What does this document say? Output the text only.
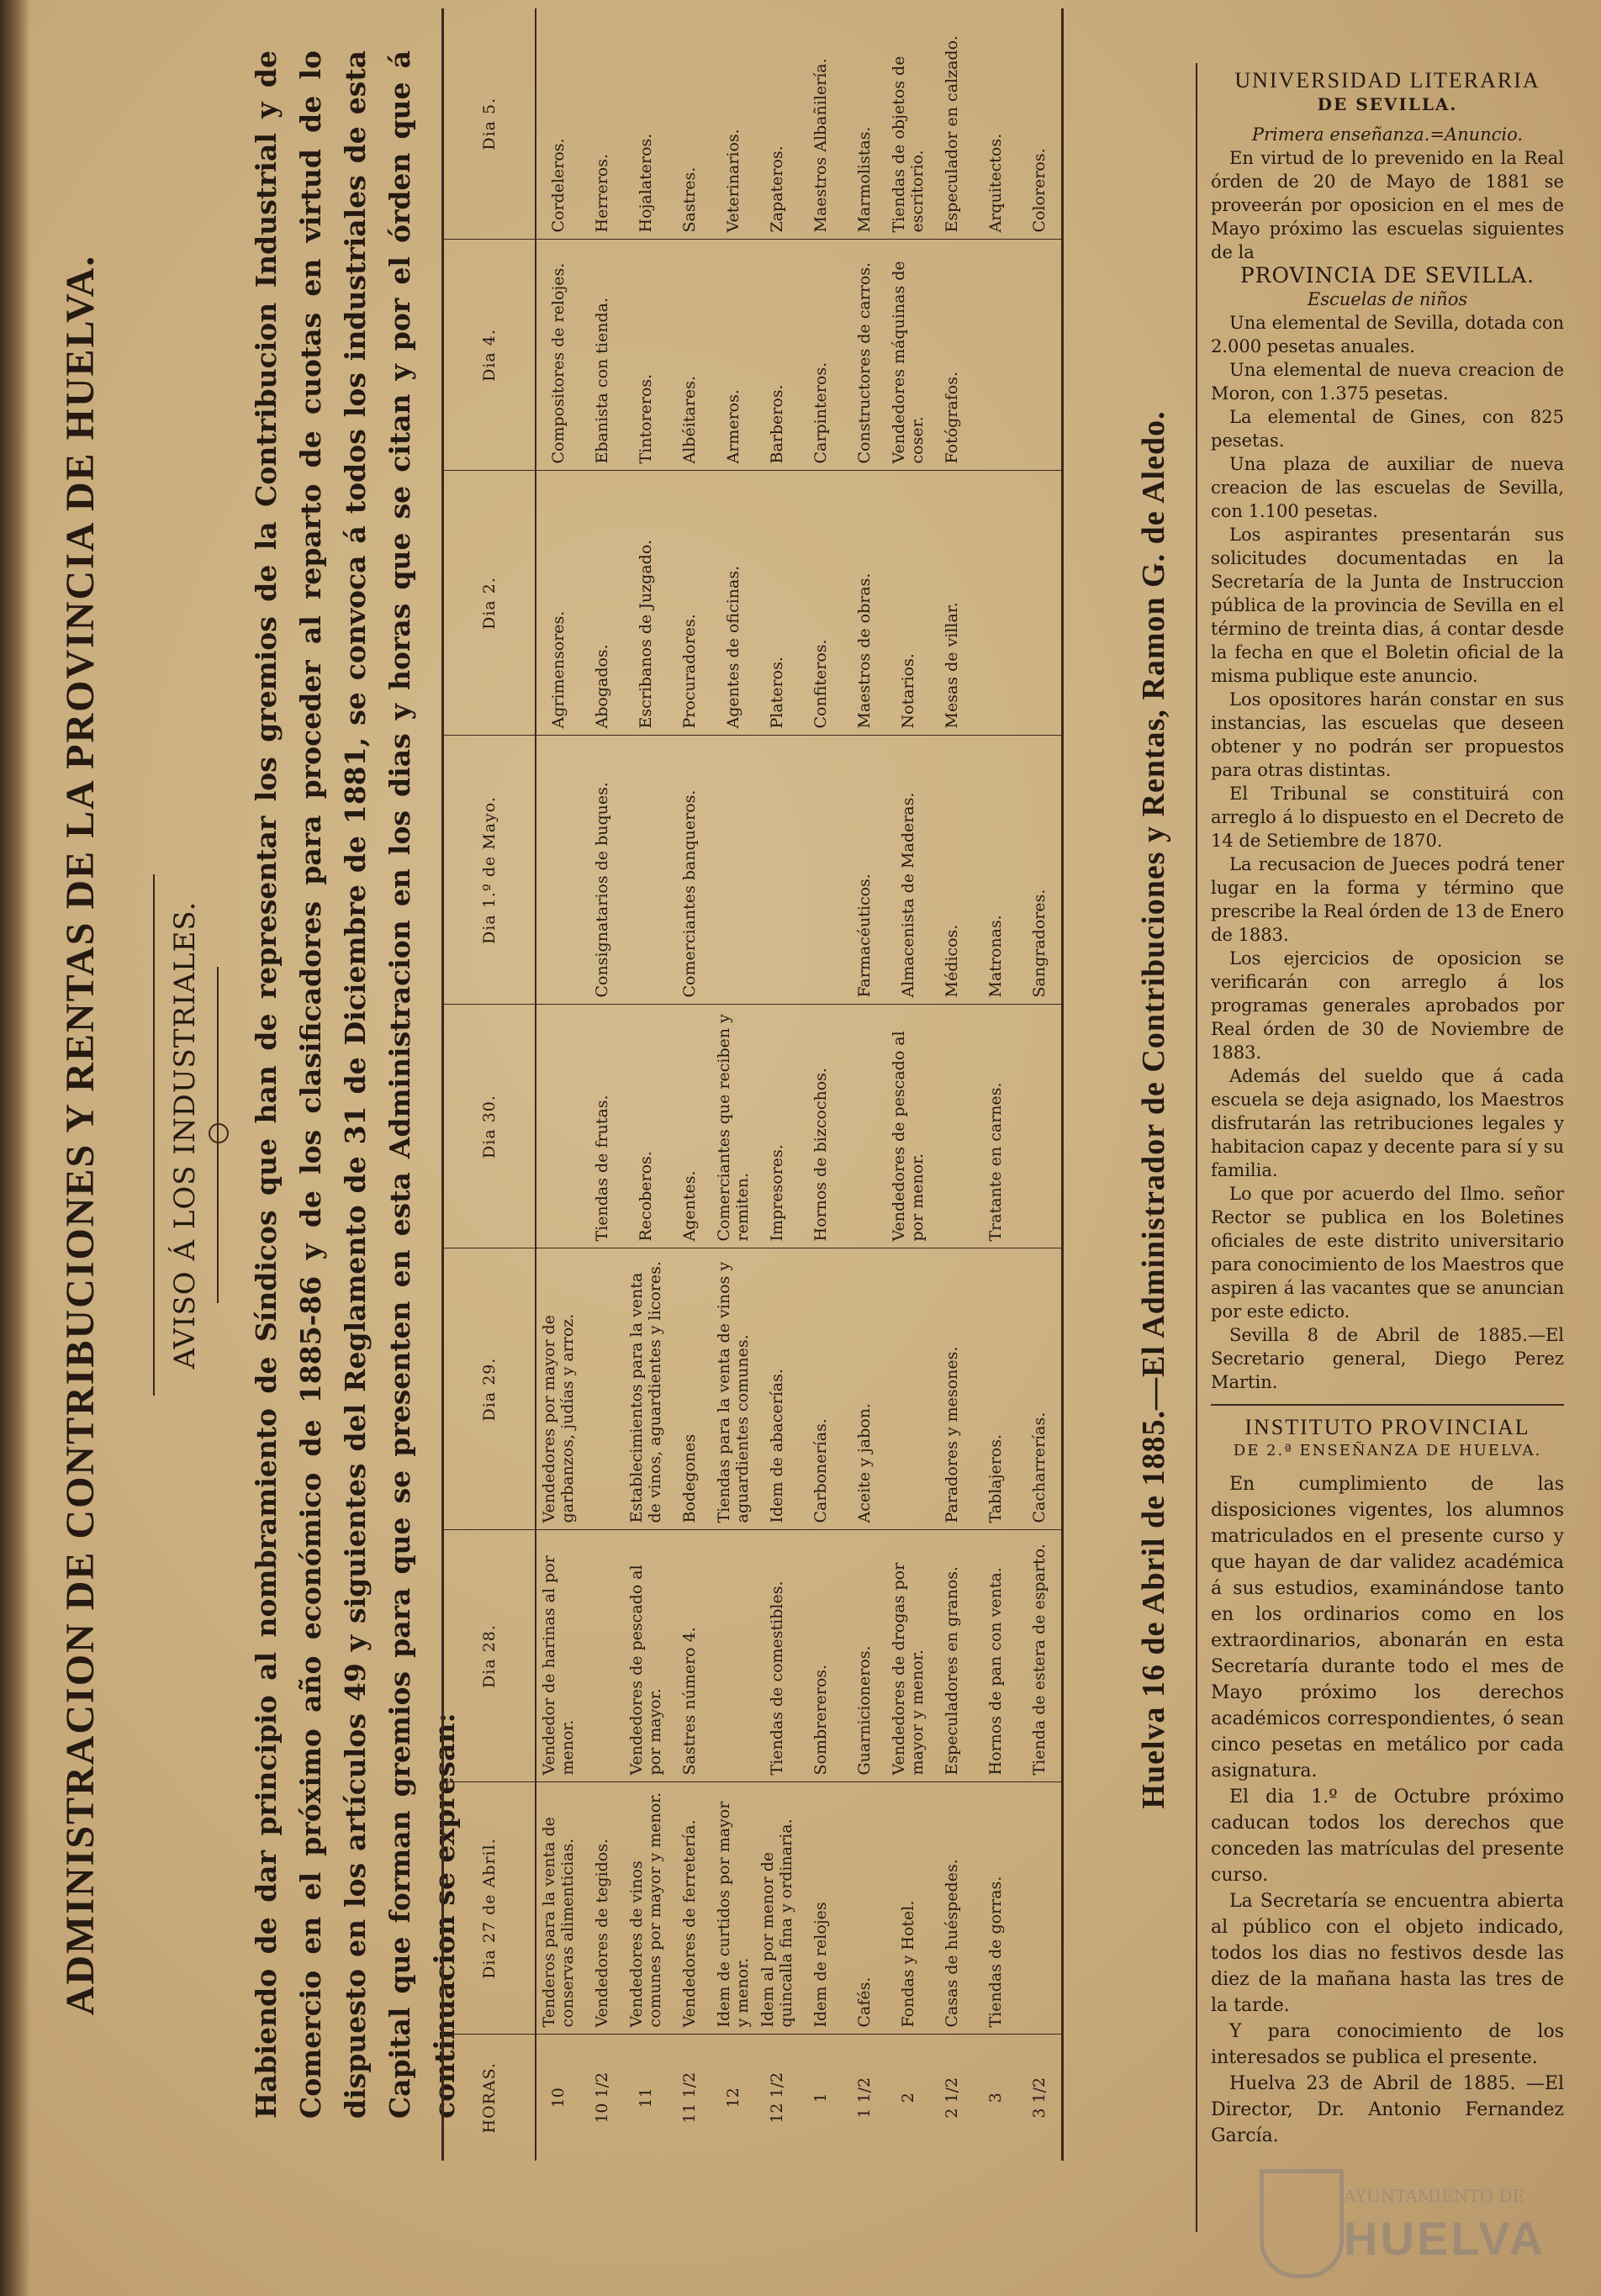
ADMINISTRACION DE CONTRIBUCIONES Y RENTAS DE LA PROVINCIA DE HUELVA. AVISO Á LOS INDUSTRIALES. Habiendo de dar principio al nombramiento de Síndicos que han de representar los gremios de la Contribucion Industrial y de Comercio en el próximo año económico de 1885-86 y de los clasificadores para proceder al reparto de cuotas en virtud de lo dispuesto en los artículos 49 y siguientes del Reglamento de 31 de Diciembre de 1881, se convoca á todos los industriales de esta Capital que forman gremios para que se presenten en esta Administracion en los dias y horas que se citan y por el órden que á continuacion se expresan:	HORAS.	Dia 27 de Abril.	Dia 28.	Dia 29.	Dia 30.	Dia 1.º de Mayo.	Dia 2.	Dia 4.	Dia 5.
10	Tenderos para la venta de conservas alimenticias.	Vendedor de harinas al por menor.	Vendedores por mayor de garbanzos, judías y arroz.			Agrimensores.	Compositores de relojes.	Cordeleros.
10 1/2	Vendedores de tegidos.			Tiendas de frutas.	Consignatarios de buques.	Abogados.	Ebanista con tienda.	Herreros.
11	Vendedores de vinos comunes por mayor y menor.	Vendedores de pescado al por mayor.	Establecimientos para la venta de vinos, aguardientes y licores.	Recoberos.		Escribanos de Juzgado.	Tintoreros.	Hojalateros.
11 1/2	Vendedores de ferretería.	Sastres número 4.	Bodegones	Agentes.	Comerciantes banqueros.	Procuradores.	Albéitares.	Sastres.
12	Idem de curtidos por mayor y menor.		Tiendas para la venta de vinos y aguardientes comunes.	Comerciantes que reciben y remiten.		Agentes de oficinas.	Armeros.	Veterinarios.
12 1/2	Idem al por menor de quincalla fina y ordinaria.	Tiendas de comestibles.	Idem de abacerías.	Impresores.		Plateros.	Barberos.	Zapateros.
1	Idem de relojes	Sombrereros.	Carbonerías.	Hornos de bizcochos.		Confiteros.	Carpinteros.	Maestros Albañilería.
1 1/2	Cafés.	Guarnicioneros.	Aceite y jabon.		Farmacéuticos.	Maestros de obras.	Constructores de carros.	Marmolistas.
2	Fondas y Hotel.	Vendedores de drogas por mayor y menor.		Vendedores de pescado al por menor.	Almacenista de Maderas.	Notarios.	Vendedores máquinas de coser.	Tiendas de objetos de escritorio.
2 1/2	Casas de huéspedes.	Especuladores en granos.	Paradores y mesones.		Médicos.	Mesas de villar.	Fotógrafos.	Especulador en calzado.
3	Tiendas de gorras.	Hornos de pan con venta.	Tablajeros.	Tratante en carnes.	Matronas.			Arquitectos.
3 1/2		Tienda de estera de esparto.	Cacharrerías.		Sangradores.			Coloreros.
Huelva 16 de Abril de 1885.—El Administrador de Contribuciones y Rentas, Ramon G. de Aledo.
UNIVERSIDAD LITERARIA
DE SEVILLA.

Primera enseñanza.=Anuncio.

En virtud de lo prevenido en la Real órden de 20 de Mayo de 1881 se proveerán por oposicion en el mes de Mayo próximo las escuelas siguientes de la

PROVINCIA DE SEVILLA.

Escuelas de niños

Una elemental de Sevilla, dotada con 2.000 pesetas anuales.

Una elemental de nueva creacion de Moron, con 1.375 pesetas.

La elemental de Gines, con 825 pesetas.

Una plaza de auxiliar de nueva creacion de las escuelas de Sevilla, con 1.100 pesetas.

Los aspirantes presentarán sus solicitudes documentadas en la Secretaría de la Junta de Instruccion pública de la provincia de Sevilla en el término de treinta dias, á contar desde la fecha en que el Boletin oficial de la misma publique este anuncio.

Los opositores harán constar en sus instancias, las escuelas que deseen obtener y no podrán ser propuestos para otras distintas.

El Tribunal se constituirá con arreglo á lo dispuesto en el Decreto de 14 de Setiembre de 1870.

La recusacion de Jueces podrá tener lugar en la forma y término que prescribe la Real órden de 13 de Enero de 1883.

Los ejercicios de oposicion se verificarán con arreglo á los programas generales aprobados por Real órden de 30 de Noviembre de 1883.

Además del sueldo que á cada escuela se deja asignado, los Maestros disfrutarán las retribuciones legales y habitacion capaz y decente para sí y su familia.

Lo que por acuerdo del Ilmo. señor Rector se publica en los Boletines oficiales de este distrito universitario para conocimiento de los Maestros que aspiren á las vacantes que se anuncian por este edicto.

Sevilla 8 de Abril de 1885.—El Secretario general, Diego Perez Martin.

INSTITUTO PROVINCIAL
DE 2.ª ENSEÑANZA DE HUELVA.

En cumplimiento de las disposiciones vigentes, los alumnos matriculados en el presente curso y que hayan de dar validez académica á sus estudios, examinándose tanto en los ordinarios como en los extraordinarios, abonarán en esta Secretaría durante todo el mes de Mayo próximo los derechos académicos correspondientes, ó sean cinco pesetas en metálico por cada asignatura.

El dia 1.º de Octubre próximo caducan todos los derechos que conceden las matrículas del presente curso.

La Secretaría se encuentra abierta al público con el objeto indicado, todos los dias no festivos desde las diez de la mañana hasta las tres de la tarde.

Y para conocimiento de los interesados se publica el presente.

Huelva 23 de Abril de 1885. —El Director, Dr. Antonio Fernandez García.

AYUNTAMIENTO DE
HUELVA
